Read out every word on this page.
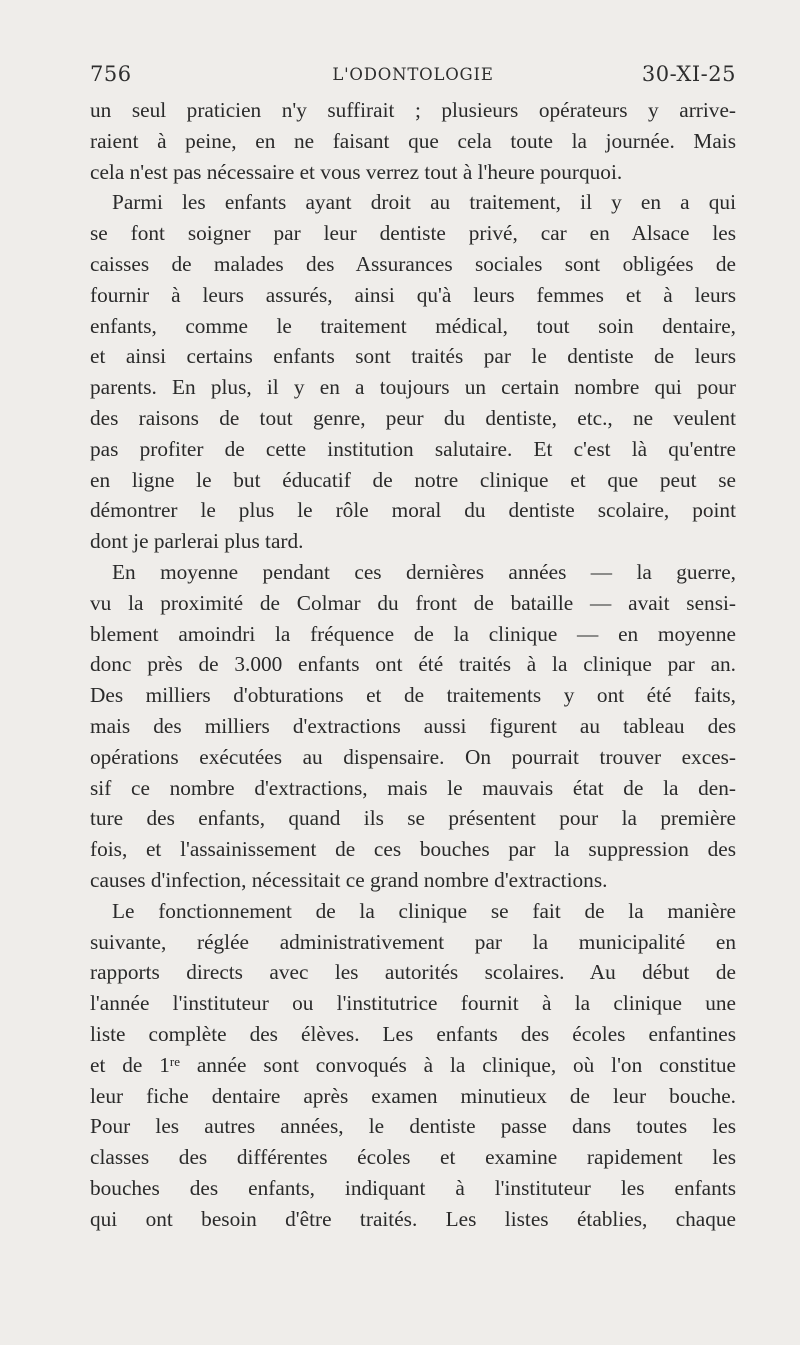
756	L'ODONTOLOGIE	30-XI-25
un seul praticien n'y suffirait ; plusieurs opérateurs y arrive-
raient à peine, en ne faisant que cela toute la journée. Mais
cela n'est pas nécessaire et vous verrez tout à l'heure pourquoi.
Parmi les enfants ayant droit au traitement, il y en a qui
se font soigner par leur dentiste privé, car en Alsace les
caisses de malades des Assurances sociales sont obligées de
fournir à leurs assurés, ainsi qu'à leurs femmes et à leurs
enfants, comme le traitement médical, tout soin dentaire,
et ainsi certains enfants sont traités par le dentiste de leurs
parents. En plus, il y en a toujours un certain nombre qui pour
des raisons de tout genre, peur du dentiste, etc., ne veulent
pas profiter de cette institution salutaire. Et c'est là qu'entre
en ligne le but éducatif de notre clinique et que peut se
démontrer le plus le rôle moral du dentiste scolaire, point
dont je parlerai plus tard.
En moyenne pendant ces dernières années — la guerre,
vu la proximité de Colmar du front de bataille — avait sensi-
blement amoindri la fréquence de la clinique — en moyenne
donc près de 3.000 enfants ont été traités à la clinique par an.
Des milliers d'obturations et de traitements y ont été faits,
mais des milliers d'extractions aussi figurent au tableau des
opérations exécutées au dispensaire. On pourrait trouver exces-
sif ce nombre d'extractions, mais le mauvais état de la den-
ture des enfants, quand ils se présentent pour la première
fois, et l'assainissement de ces bouches par la suppression des
causes d'infection, nécessitait ce grand nombre d'extractions.
Le fonctionnement de la clinique se fait de la manière
suivante, réglée administrativement par la municipalité en
rapports directs avec les autorités scolaires. Au début de
l'année l'instituteur ou l'institutrice fournit à la clinique une
liste complète des élèves. Les enfants des écoles enfantines
et de 1re année sont convoqués à la clinique, où l'on constitue
leur fiche dentaire après examen minutieux de leur bouche.
Pour les autres années, le dentiste passe dans toutes les
classes des différentes écoles et examine rapidement les
bouches des enfants, indiquant à l'instituteur les enfants
qui ont besoin d'être traités. Les listes établies, chaque
